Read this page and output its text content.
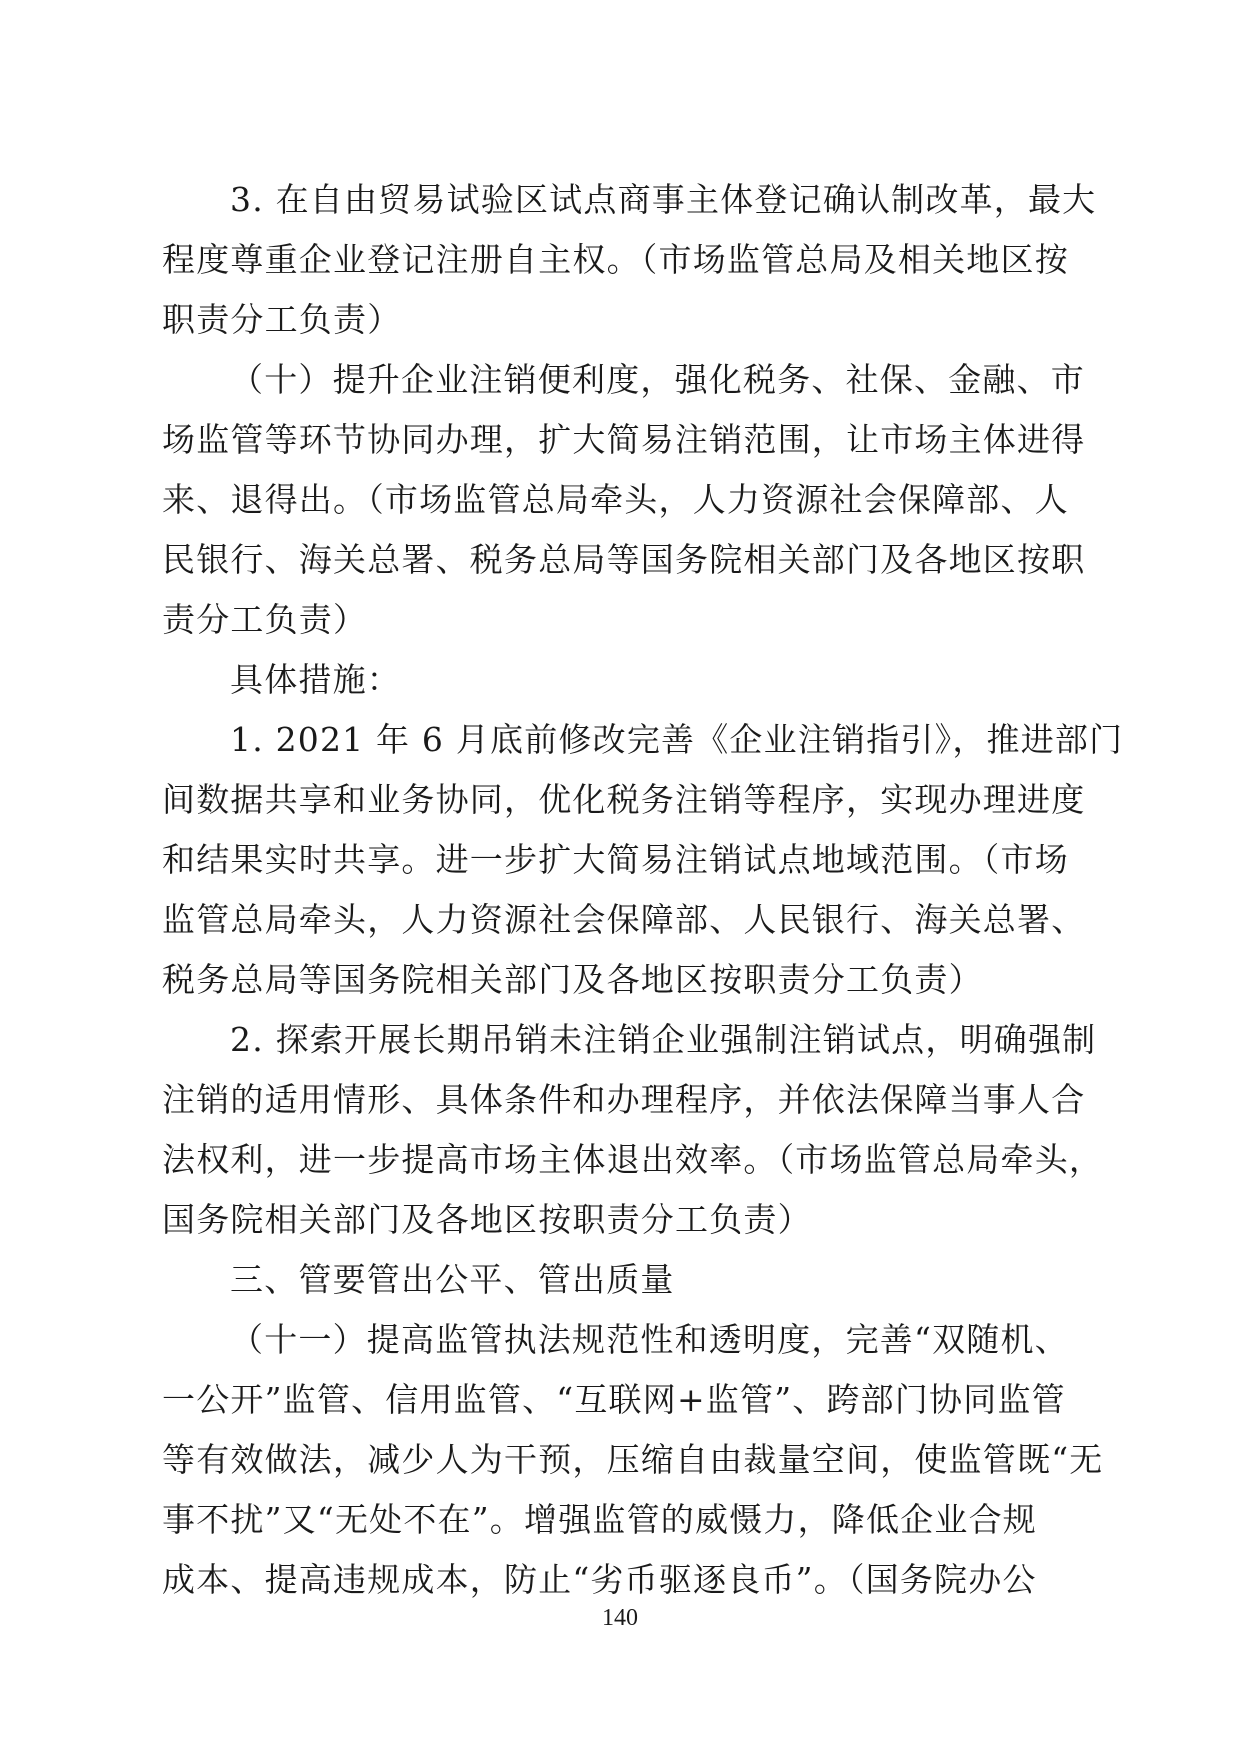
3. 在自由贸易试验区试点商事主体登记确认制改革，最大
程度尊重企业登记注册自主权。（市场监管总局及相关地区按
职责分工负责）
（十）提升企业注销便利度，强化税务、社保、金融、市
场监管等环节协同办理，扩大简易注销范围，让市场主体进得
来、退得出。（市场监管总局牵头，人力资源社会保障部、人
民银行、海关总署、税务总局等国务院相关部门及各地区按职
责分工负责）
具体措施：
1. 2021 年 6 月底前修改完善《企业注销指引》，推进部门
间数据共享和业务协同，优化税务注销等程序，实现办理进度
和结果实时共享。进一步扩大简易注销试点地域范围。（市场
监管总局牵头，人力资源社会保障部、人民银行、海关总署、
税务总局等国务院相关部门及各地区按职责分工负责）
2. 探索开展长期吊销未注销企业强制注销试点，明确强制
注销的适用情形、具体条件和办理程序，并依法保障当事人合
法权利，进一步提高市场主体退出效率。（市场监管总局牵头，
国务院相关部门及各地区按职责分工负责）
三、管要管出公平、管出质量
（十一）提高监管执法规范性和透明度，完善“双随机、
一公开”监管、信用监管、“互联网+监管”、跨部门协同监管
等有效做法，减少人为干预，压缩自由裁量空间，使监管既“无
事不扰”又“无处不在”。增强监管的威慑力，降低企业合规
成本、提高违规成本，防止“劣币驱逐良币”。（国务院办公
140
